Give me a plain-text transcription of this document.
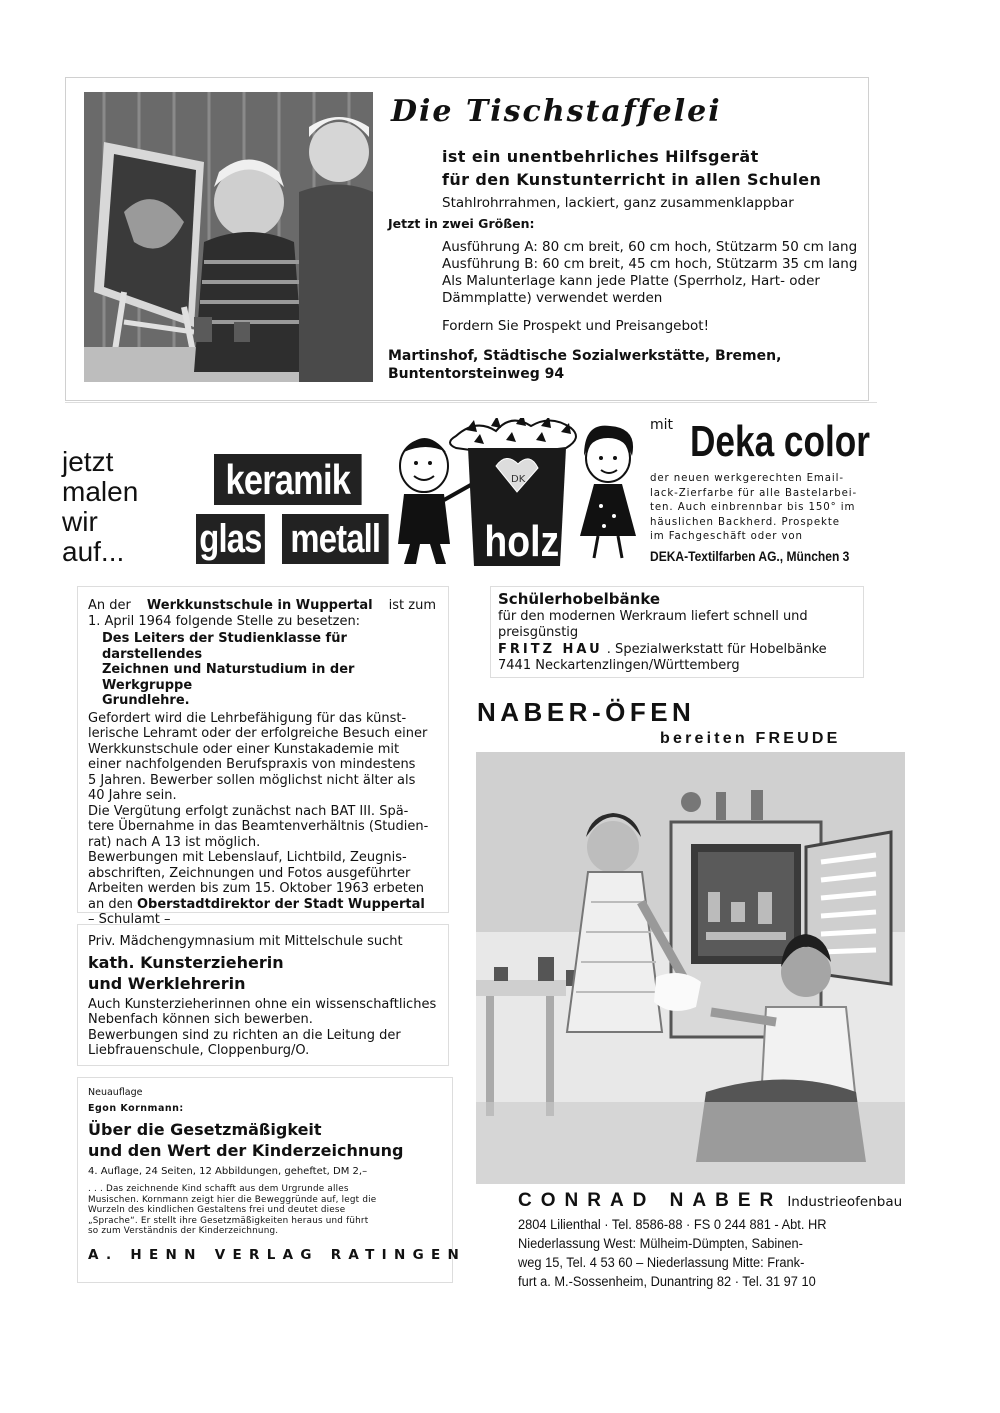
Die Tischstaffelei
ist ein unentbehrliches Hilfsgerät
für den Kunstunterricht in allen Schulen
Stahlrohrrahmen, lackiert, ganz zusammenklappbar
Jetzt in zwei Größen:
Ausführung A: 80 cm breit, 60 cm hoch, Stützarm 50 cm lang
Ausführung B: 60 cm breit, 45 cm hoch, Stützarm 35 cm lang
Als Malunterlage kann jede Platte (Sperrholz, Hart- oder
Dämmplatte) verwendet werden
Fordern Sie Prospekt und Preisangebot!
Martinshof, Städtische Sozialwerkstätte, Bremen,
Buntentorsteinweg 94
jetzt
malen
wir
auf...
keramik
glas metall
DK
holz
mit Deka color
der neuen werkgerechten Email-
lack-Zierfarbe für alle Bastelarbei-
ten. Auch einbrennbar bis 150° im
häuslichen Backherd. Prospekte
im Fachgeschäft oder von
DEKA-Textilfarben AG., München 3
An der Werkkunstschule in Wuppertal ist zum
1. April 1964 folgende Stelle zu besetzen:
Des Leiters der Studienklasse für darstellendes
Zeichnen und Naturstudium in der Werkgruppe
Grundlehre.
Gefordert wird die Lehrbefähigung für das künst-
lerische Lehramt oder der erfolgreiche Besuch einer
Werkkunstschule oder einer Kunstakademie mit
einer nachfolgenden Berufspraxis von mindestens
5 Jahren. Bewerber sollen möglichst nicht älter als
40 Jahre sein.
Die Vergütung erfolgt zunächst nach BAT III. Spä-
tere Übernahme in das Beamtenverhältnis (Studien-
rat) nach A 13 ist möglich.
Bewerbungen mit Lebenslauf, Lichtbild, Zeugnis-
abschriften, Zeichnungen und Fotos ausgeführter
Arbeiten werden bis zum 15. Oktober 1963 erbeten
an den Oberstadtdirektor der Stadt Wuppertal
– Schulamt –
Priv. Mädchengymnasium mit Mittelschule sucht
kath. Kunsterzieherin
und Werklehrerin
Auch Kunsterzieherinnen ohne ein wissenschaftliches
Nebenfach können sich bewerben.
Bewerbungen sind zu richten an die Leitung der
Liebfrauenschule, Cloppenburg/O.
Neuauflage
Egon Kornmann:
Über die Gesetzmäßigkeit
und den Wert der Kinderzeichnung
4. Auflage, 24 Seiten, 12 Abbildungen, geheftet, DM 2,–
. . . Das zeichnende Kind schafft aus dem Urgrunde alles
Musischen. Kornmann zeigt hier die Beweggründe auf, legt die
Wurzeln des kindlichen Gestaltens frei und deutet diese
„Sprache“. Er stellt ihre Gesetzmäßigkeiten heraus und führt
so zum Verständnis der Kinderzeichnung.
A. HENN VERLAG RATINGEN
Schülerhobelbänke
für den modernen Werkraum liefert schnell und
preisgünstig
FRITZ HAU . Spezialwerkstatt für Hobelbänke
7441 Neckartenzlingen/Württemberg
NABER-ÖFEN
bereiten FREUDE
CONRAD NABER Industrieofenbau
2804 Lilienthal · Tel. 8586-88 · FS 0 244 881 - Abt. HR
Niederlassung West: Mülheim-Dümpten, Sabinen-
weg 15, Tel. 4 53 60 – Niederlassung Mitte: Frank-
furt a. M.-Sossenheim, Dunantring 82 · Tel. 31 97 10
